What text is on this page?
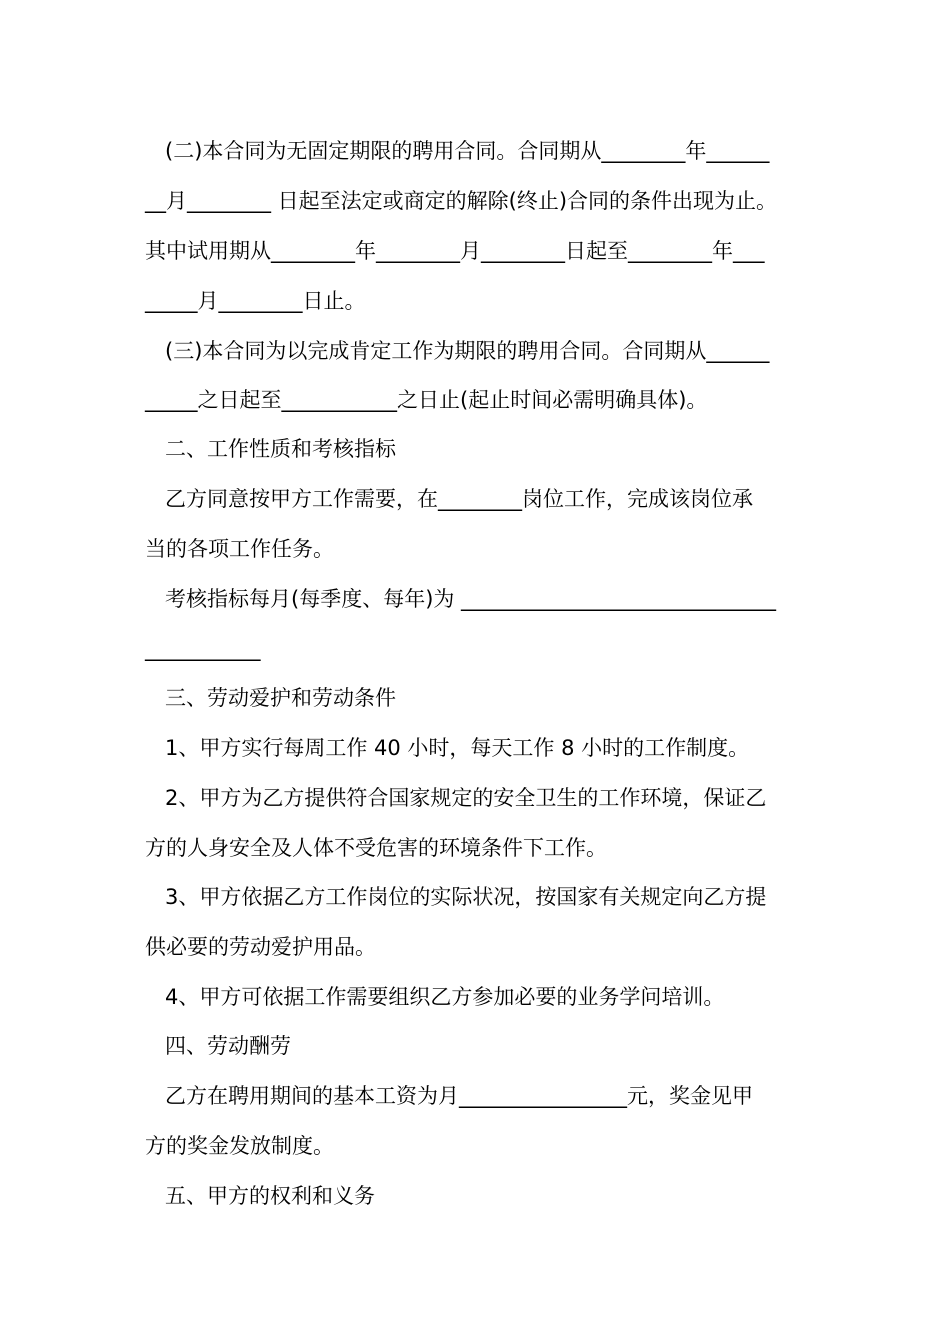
(二)本合同为无固定期限的聘用合同。合同期从________年______
__月________ 日起至法定或商定的解除(终止)合同的条件出现为止。
其中试用期从________年________月________日起至________年___
_____月________日止。
(三)本合同为以完成肯定工作为期限的聘用合同。合同期从______
_____之日起至___________之日止(起止时间必需明确具体)。
二、工作性质和考核指标
乙方同意按甲方工作需要，在________岗位工作，完成该岗位承
当的各项工作任务。
考核指标每月(每季度、每年)为 ______________________________
___________
三、劳动爱护和劳动条件
1、甲方实行每周工作 40 小时，每天工作 8 小时的工作制度。
2、甲方为乙方提供符合国家规定的安全卫生的工作环境，保证乙
方的人身安全及人体不受危害的环境条件下工作。
3、甲方依据乙方工作岗位的实际状况，按国家有关规定向乙方提
供必要的劳动爱护用品。
4、甲方可依据工作需要组织乙方参加必要的业务学问培训。
四、劳动酬劳
乙方在聘用期间的基本工资为月________________元，奖金见甲
方的奖金发放制度。
五、甲方的权利和义务
